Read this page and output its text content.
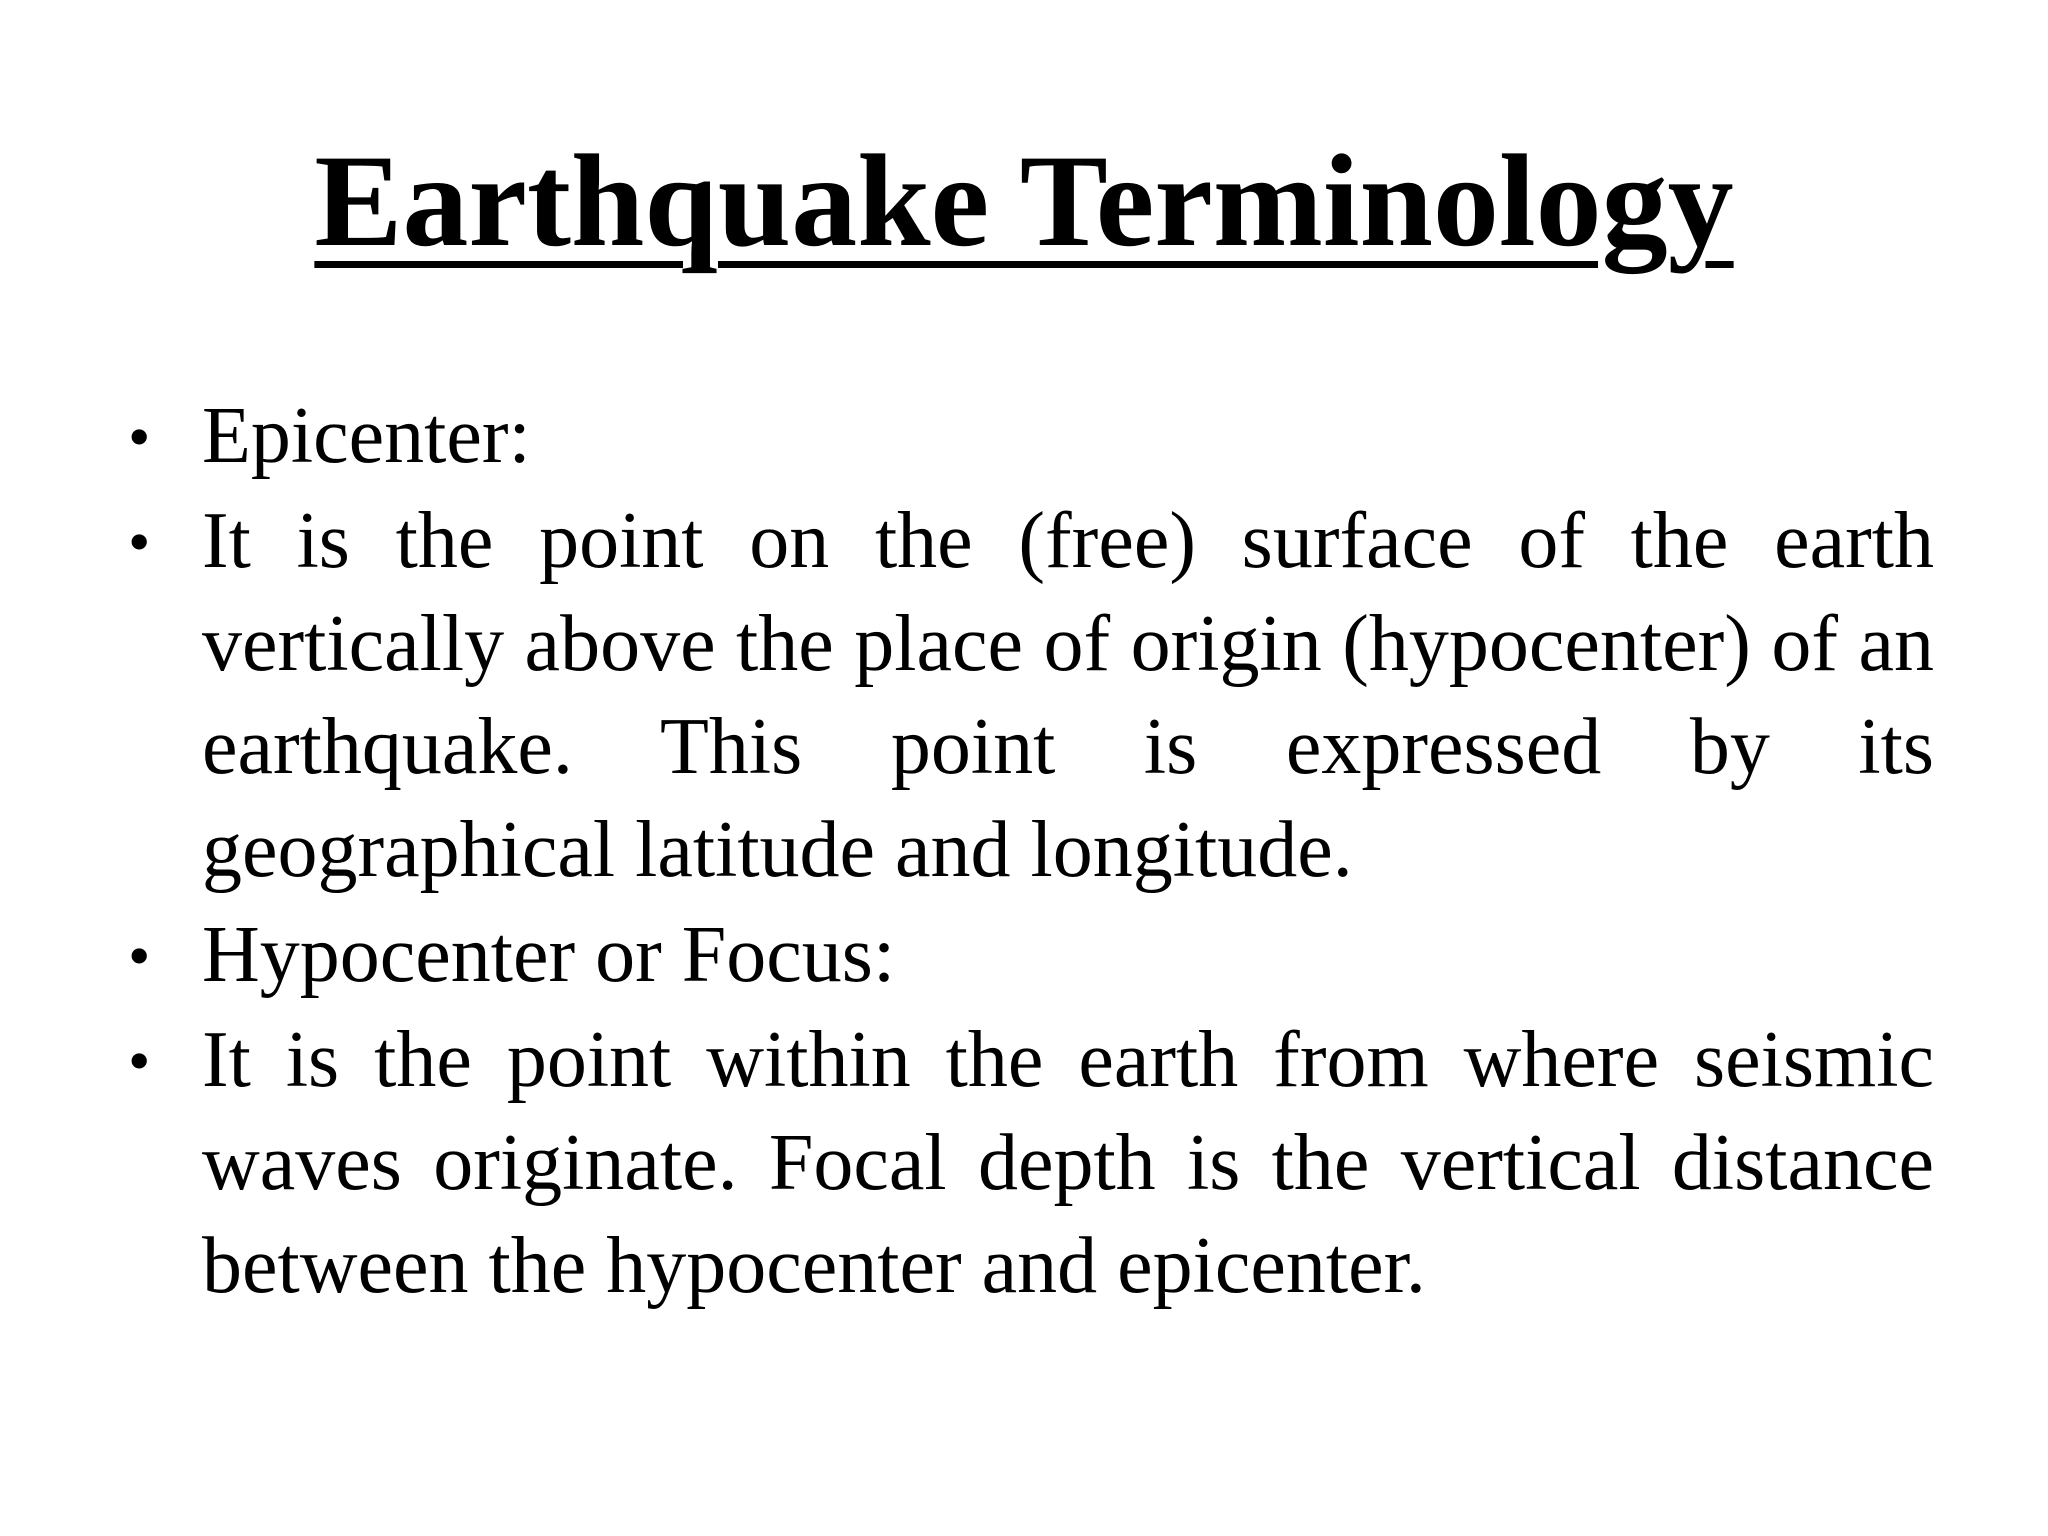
Earthquake Terminology
• Epicenter:
• It is the point on the (free) surface of the earth vertically above the place of origin (hypocenter) of an earthquake. This point is expressed by its geographical latitude and longitude.
• Hypocenter or Focus:
• It is the point within the earth from where seismic waves originate. Focal depth is the vertical distance between the hypocenter and epicenter.
